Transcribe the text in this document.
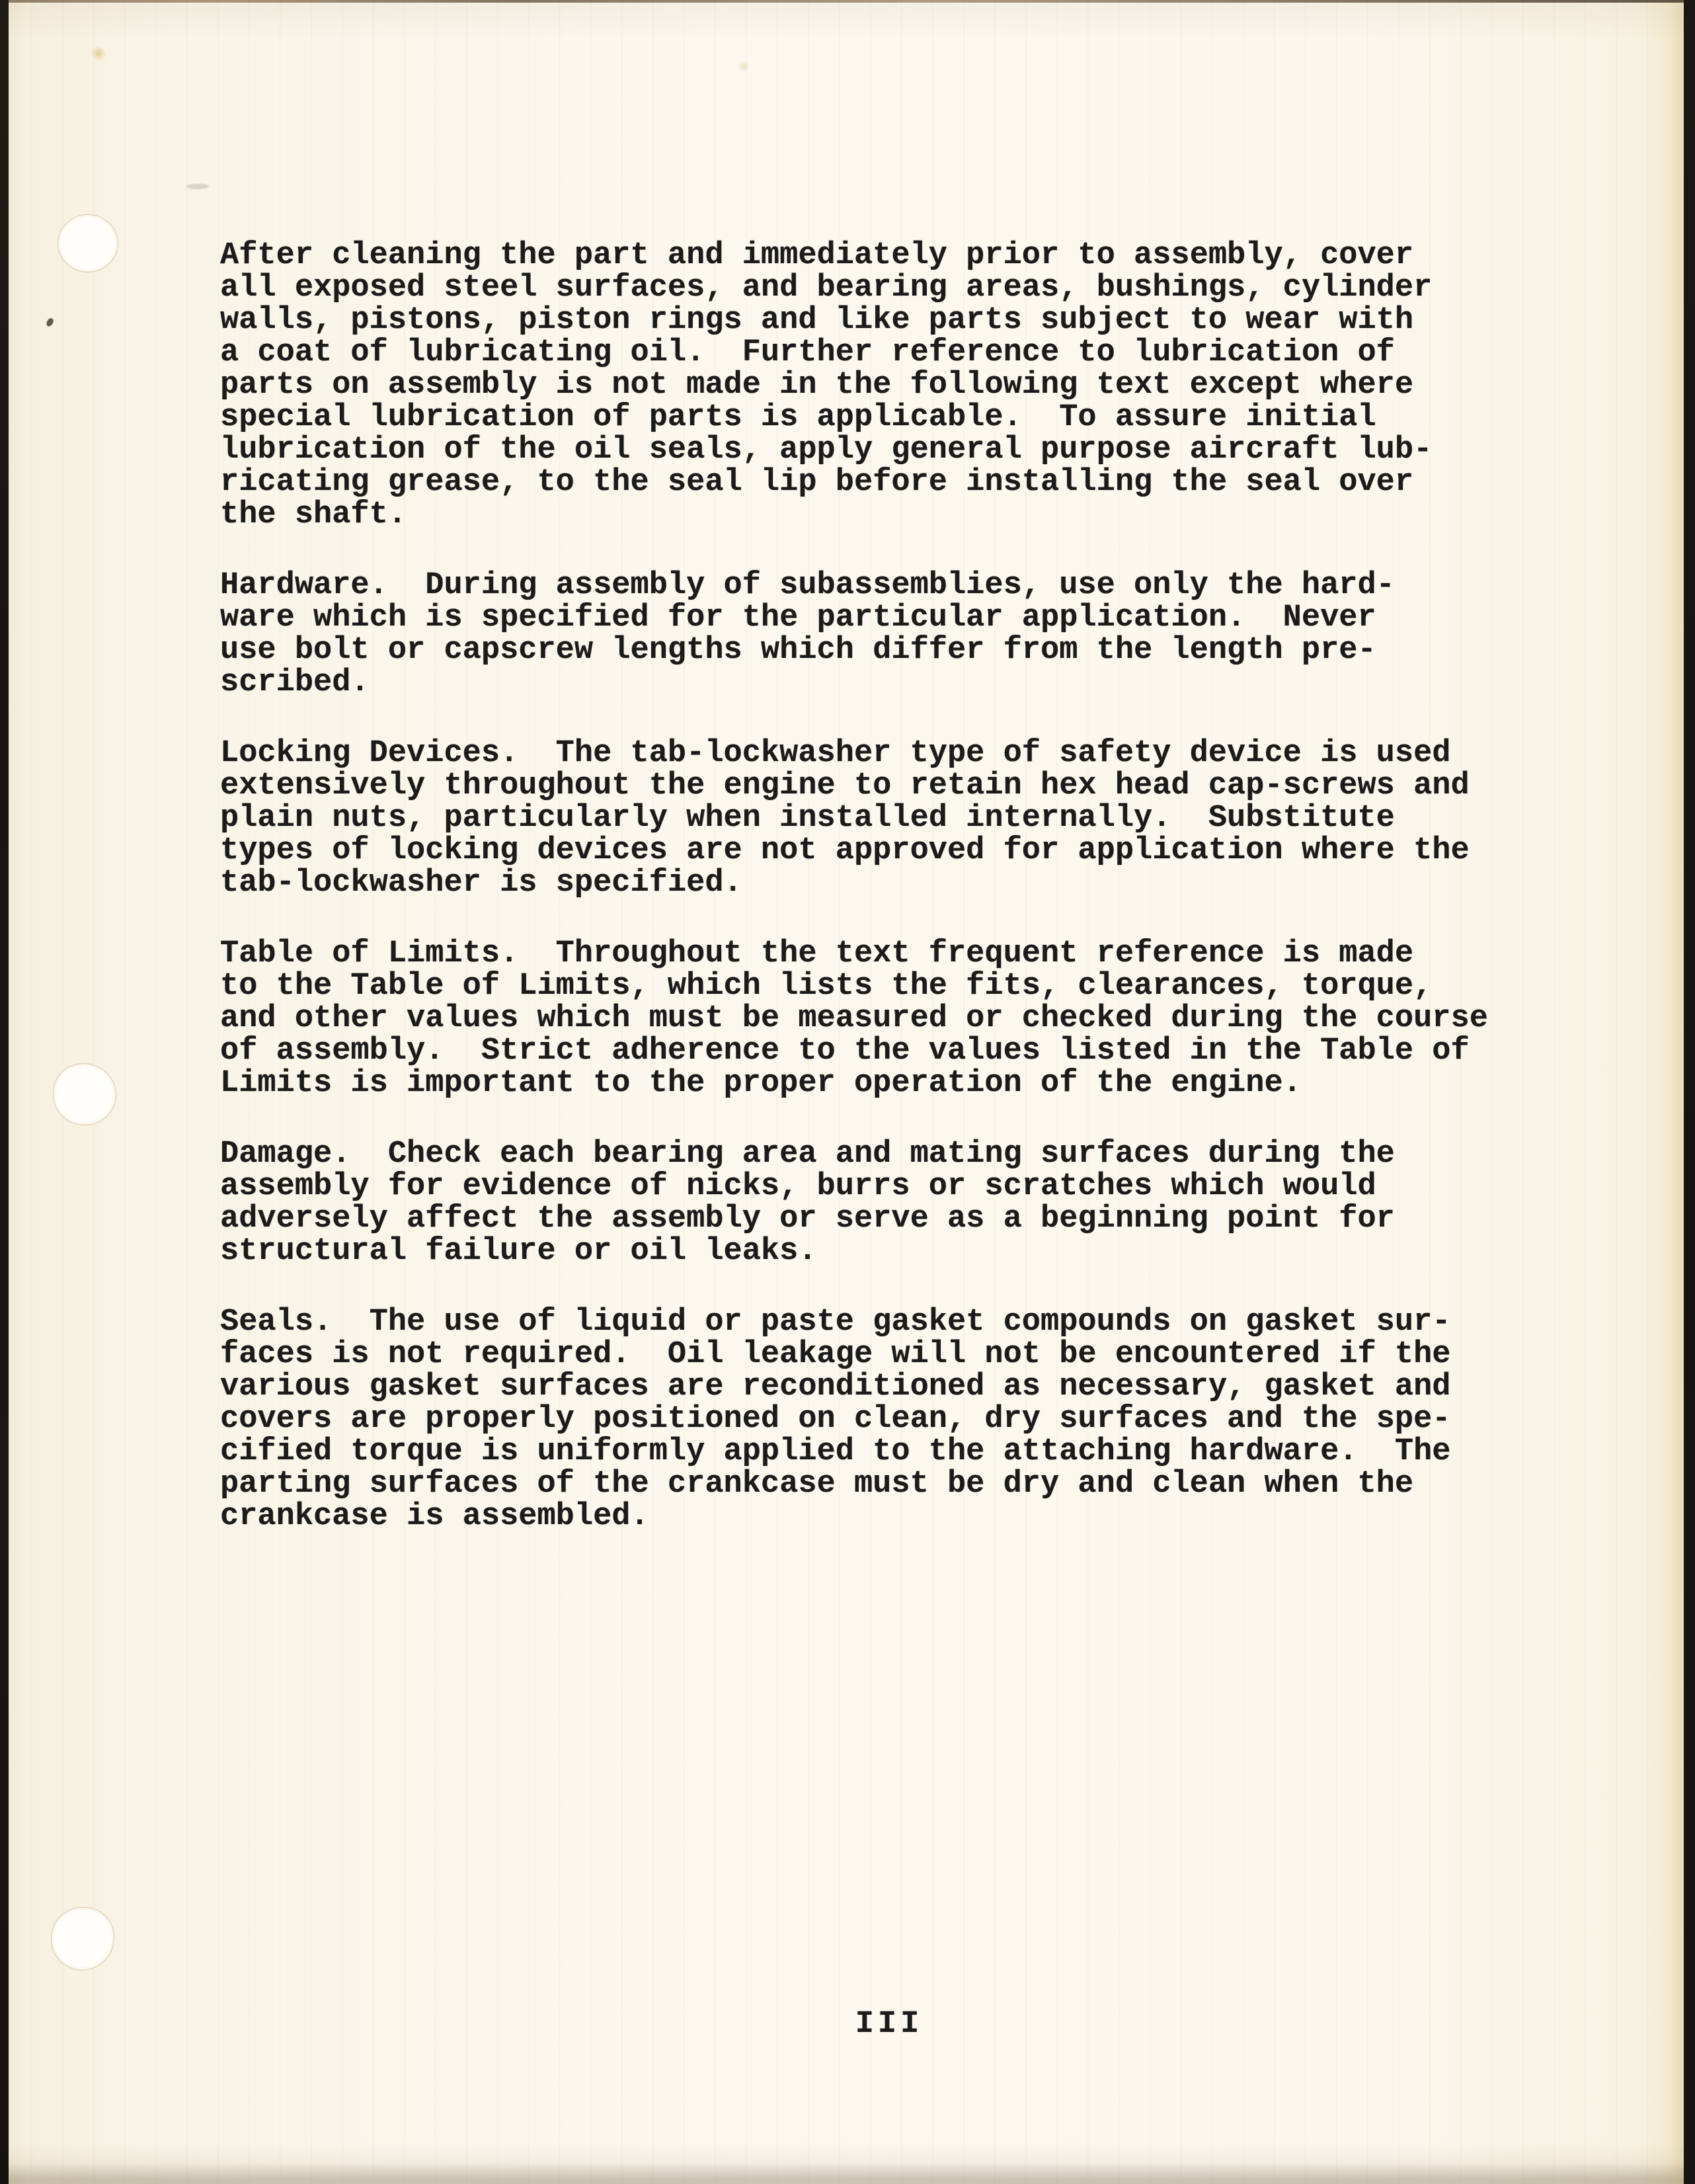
After cleaning the part and immediately prior to assembly, cover
all exposed steel surfaces, and bearing areas, bushings, cylinder
walls, pistons, piston rings and like parts subject to wear with
a coat of lubricating oil.  Further reference to lubrication of
parts on assembly is not made in the following text except where
special lubrication of parts is applicable.  To assure initial
lubrication of the oil seals, apply general purpose aircraft lub-
ricating grease, to the seal lip before installing the seal over
the shaft.
Hardware.  During assembly of subassemblies, use only the hard-
ware which is specified for the particular application.  Never
use bolt or capscrew lengths which differ from the length pre-
scribed.
Locking Devices.  The tab-lockwasher type of safety device is used
extensively throughout the engine to retain hex head cap-screws and
plain nuts, particularly when installed internally.  Substitute
types of locking devices are not approved for application where the
tab-lockwasher is specified.
Table of Limits.  Throughout the text frequent reference is made
to the Table of Limits, which lists the fits, clearances, torque,
and other values which must be measured or checked during the course
of assembly.  Strict adherence to the values listed in the Table of
Limits is important to the proper operation of the engine.
Damage.  Check each bearing area and mating surfaces during the
assembly for evidence of nicks, burrs or scratches which would
adversely affect the assembly or serve as a beginning point for
structural failure or oil leaks.
Seals.  The use of liquid or paste gasket compounds on gasket sur-
faces is not required.  Oil leakage will not be encountered if the
various gasket surfaces are reconditioned as necessary, gasket and
covers are properly positioned on clean, dry surfaces and the spe-
cified torque is uniformly applied to the attaching hardware.  The
parting surfaces of the crankcase must be dry and clean when the
crankcase is assembled.
III
